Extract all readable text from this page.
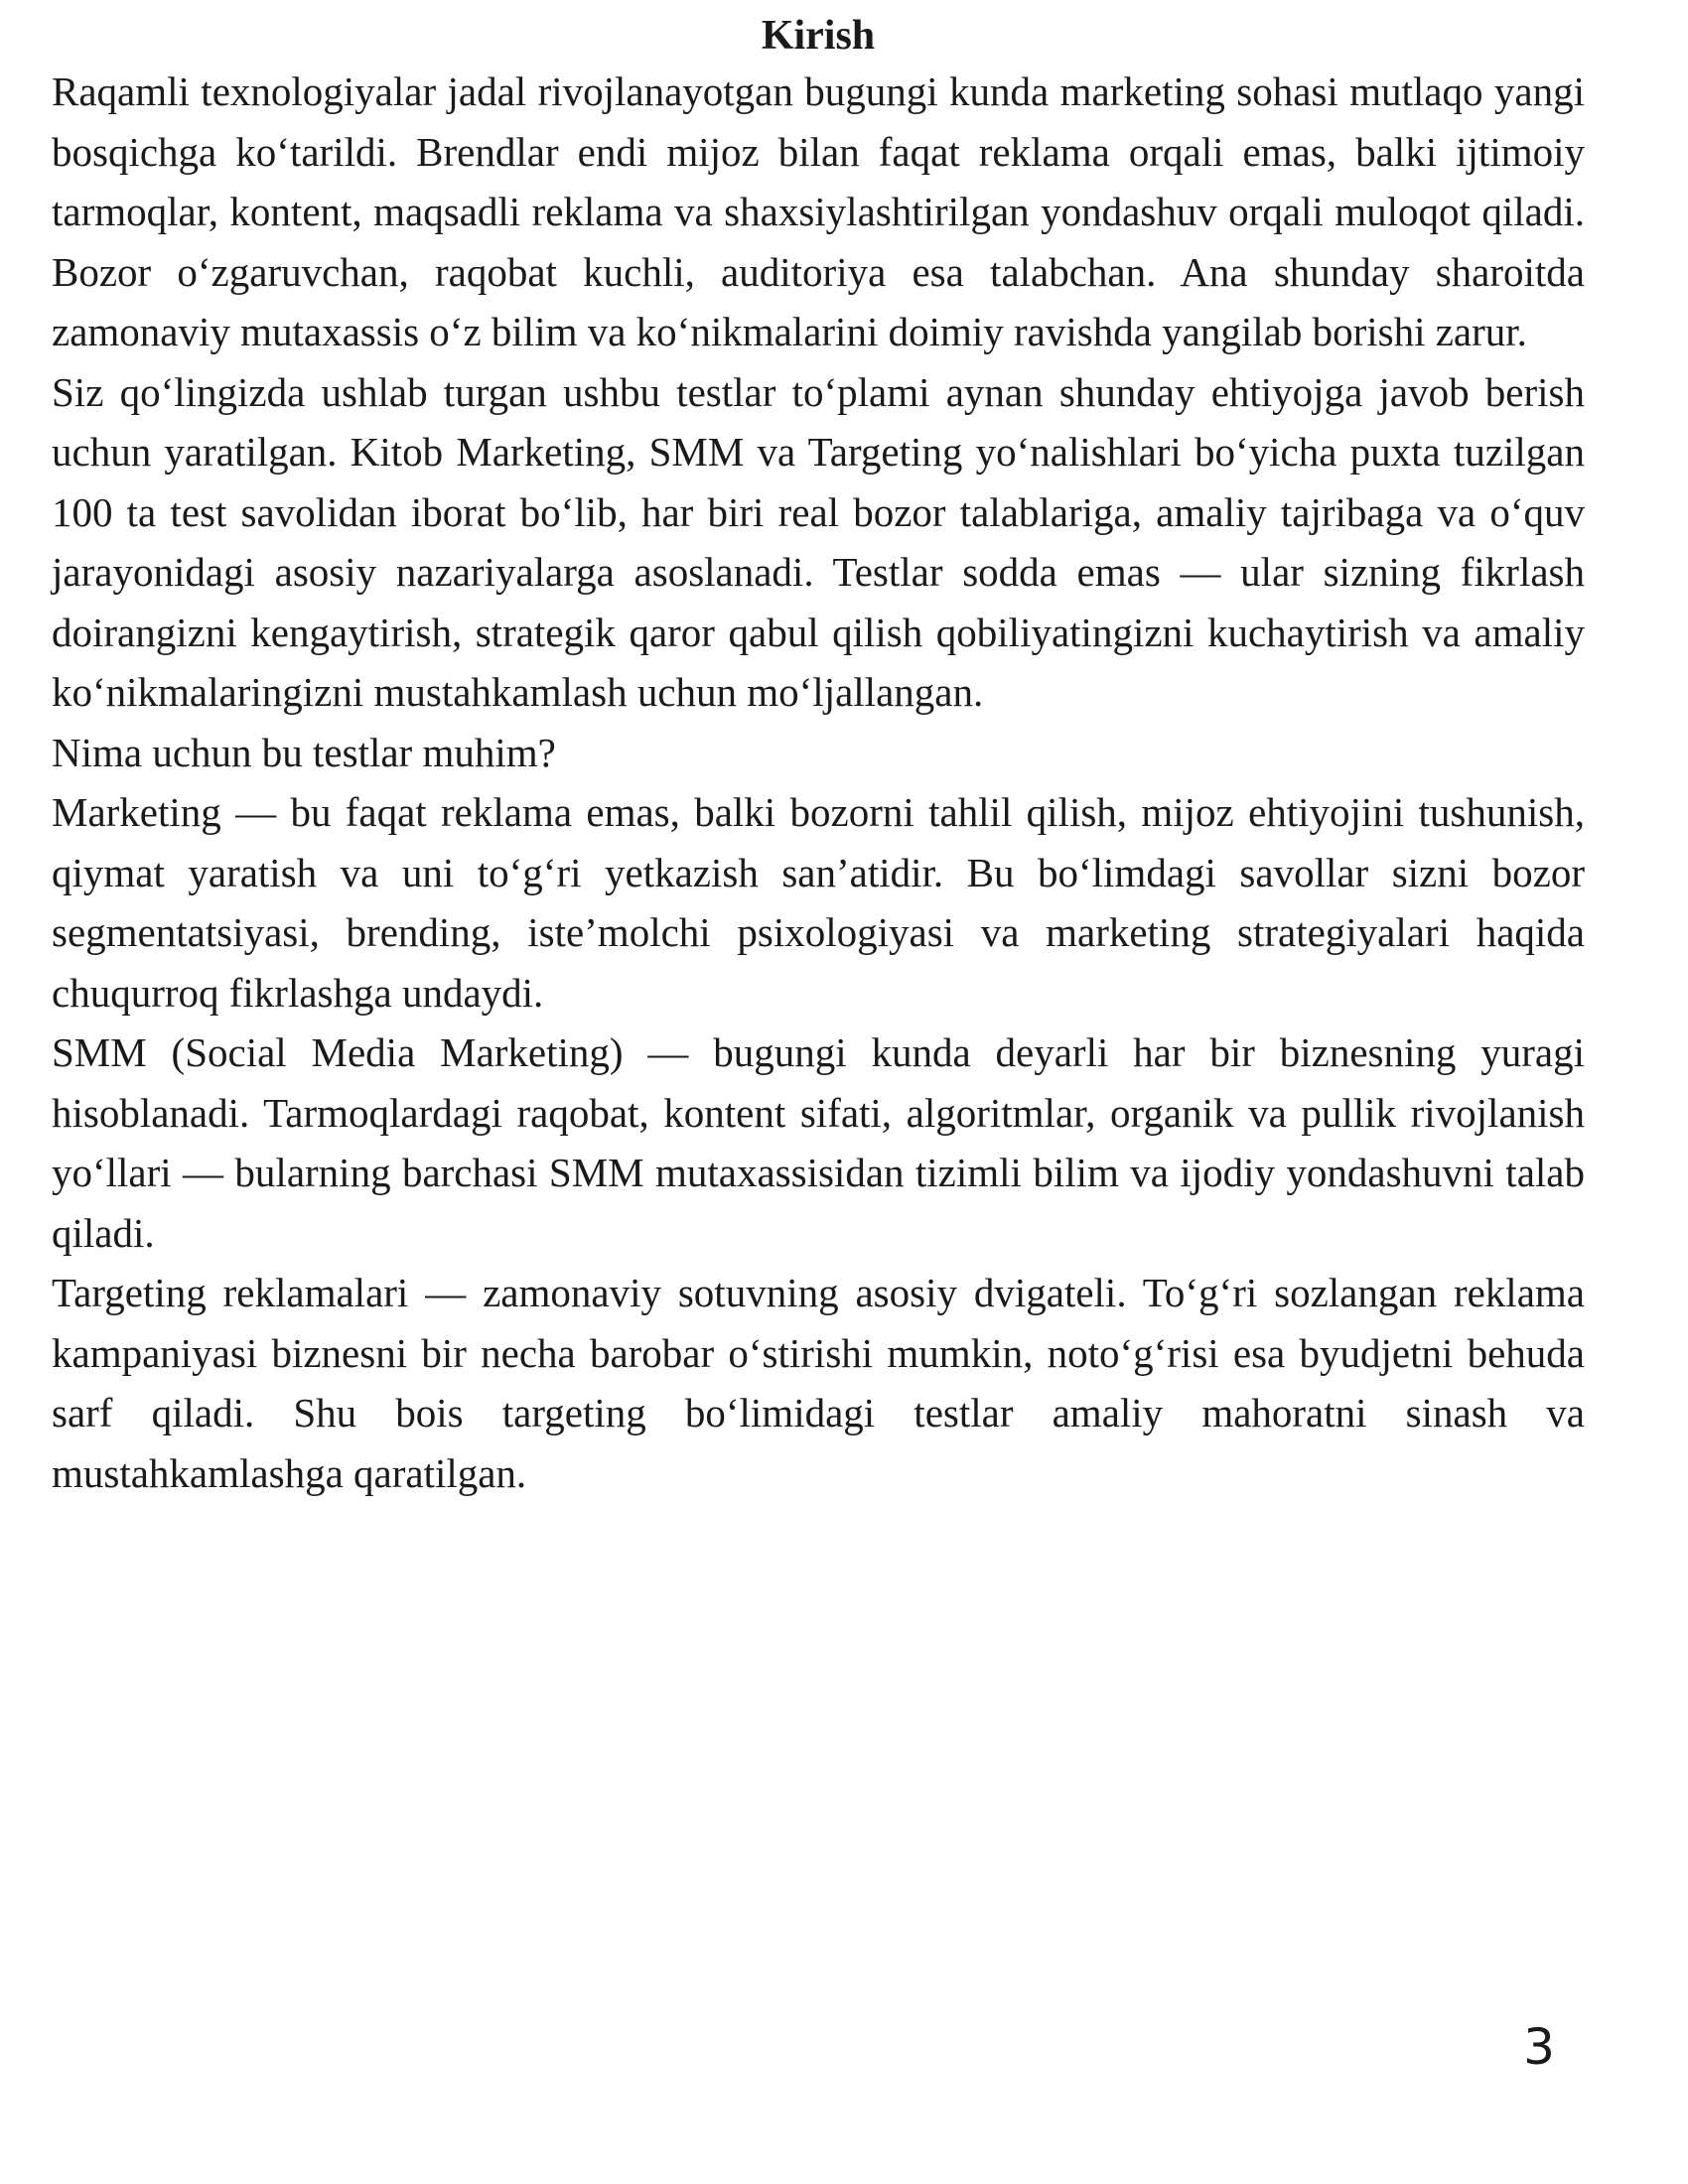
Kirish

Raqamli texnologiyalar jadal rivojlanayotgan bugungi kunda marketing sohasi mutlaqo yangi bosqichga ko‘tarildi. Brendlar endi mijoz bilan faqat reklama orqali emas, balki ijtimoiy tarmoqlar, kontent, maqsadli reklama va shaxsiylashtirilgan yondashuv orqali muloqot qiladi. Bozor o‘zgaruvchan, raqobat kuchli, auditoriya esa talabchan. Ana shunday sharoitda zamonaviy mutaxassis o‘z bilim va ko‘nikmalarini doimiy ravishda yangilab borishi zarur.

Siz qo‘lingizda ushlab turgan ushbu testlar to‘plami aynan shunday ehtiyojga javob berish uchun yaratilgan. Kitob Marketing, SMM va Targeting yo‘nalishlari bo‘yicha puxta tuzilgan 100 ta test savolidan iborat bo‘lib, har biri real bozor talablariga, amaliy tajribaga va o‘quv jarayonidagi asosiy nazariyalarga asoslanadi. Testlar sodda emas — ular sizning fikrlash doirangizni kengaytirish, strategik qaror qabul qilish qobiliyatingizni kuchaytirish va amaliy ko‘nikmalaringizni mustahkamlash uchun mo‘ljallangan.

Nima uchun bu testlar muhim?

Marketing — bu faqat reklama emas, balki bozorni tahlil qilish, mijoz ehtiyojini tushunish, qiymat yaratish va uni to‘g‘ri yetkazish san’atidir. Bu bo‘limdagi savollar sizni bozor segmentatsiyasi, brending, iste’molchi psixologiyasi va marketing strategiyalari haqida chuqurroq fikrlashga undaydi.

SMM (Social Media Marketing) — bugungi kunda deyarli har bir biznesning yuragi hisoblanadi. Tarmoqlardagi raqobat, kontent sifati, algoritmlar, organik va pullik rivojlanish yo‘llari — bularning barchasi SMM mutaxassisidan tizimli bilim va ijodiy yondashuvni talab qiladi.

Targeting reklamalari — zamonaviy sotuvning asosiy dvigateli. To‘g‘ri sozlangan reklama kampaniyasi biznesni bir necha barobar o‘stirishi mumkin, noto‘g‘risi esa byudjetni behuda sarf qiladi. Shu bois targeting bo‘limidagi testlar amaliy mahoratni sinash va mustahkamlashga qaratilgan.

3
